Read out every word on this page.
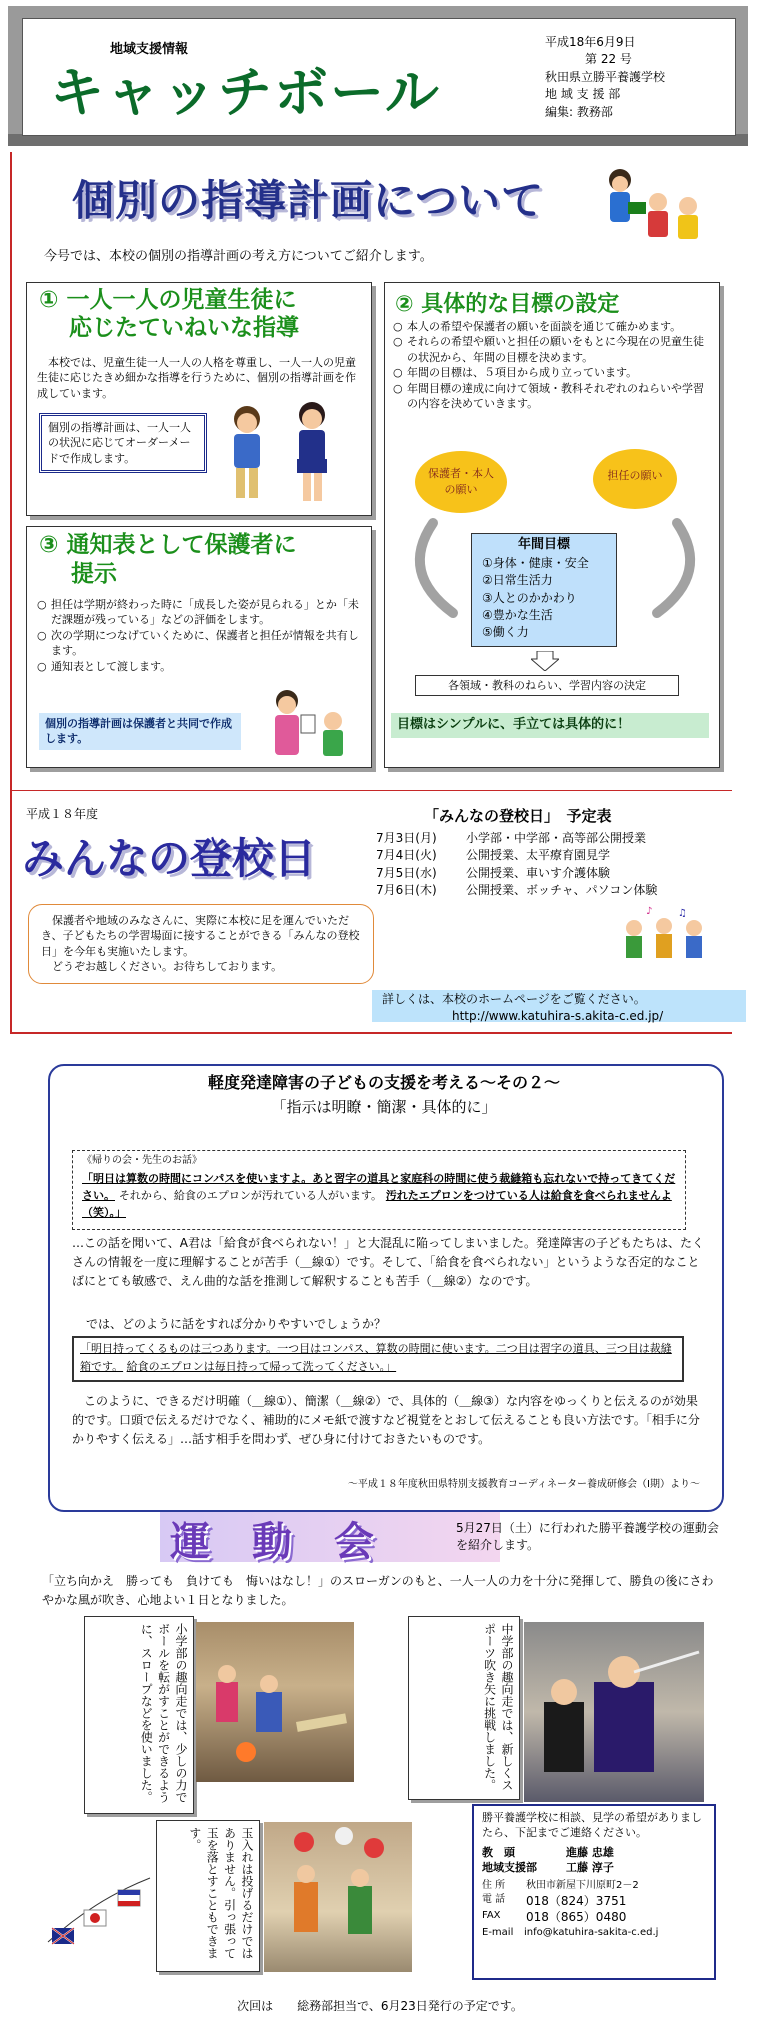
地域支援情報
キャッチボール
平成18年6月9日
第 22 号
秋田県立勝平養護学校
地 域 支 援 部
編集: 教務部
個別の指導計画について
今号では、本校の個別の指導計画の考え方についてご紹介します。
① 一人一人の児童生徒に
応じたていねいな指導
本校では、児童生徒一人一人の人格を尊重し、一人一人の児童生徒に応じたきめ細かな指導を行うために、個別の指導計画を作成しています。
個別の指導計画は、一人一人の状況に応じてオーダーメードで作成します。
③ 通知表として保護者に
提示
○ 担任は学期が終わった時に「成長した姿が見られる」とか「未だ課題が残っている」などの評価をします。
○ 次の学期につなげていくために、保護者と担任が情報を共有します。
○ 通知表として渡します。
個別の指導計画は保護者と共同で作成します。
② 具体的な目標の設定
○ 本人の希望や保護者の願いを面談を通じて確かめます。
○ それらの希望や願いと担任の願いをもとに今現在の児童生徒の状況から、年間の目標を決めます。
○ 年間の目標は、５項目から成り立っています。
○ 年間目標の達成に向けて領域・教科それぞれのねらいや学習の内容を決めていきます。
保護者・本人の願い
担任の願い
年間目標
①身体・健康・安全
②日常生活力
③人とのかかわり
④豊かな生活
⑤働く力
各領域・教科のねらい、学習内容の決定
目標はシンプルに、手立ては具体的に！
平成１８年度
みんなの登校日
「みんなの登校日」　予定表
7月3日(月)	小学部・中学部・高等部公開授業
7月4日(火)	公開授業、太平療育園見学
7月5日(水)	公開授業、車いす介護体験
7月6日(木)	公開授業、ボッチャ、パソコン体験
保護者や地域のみなさんに、実際に本校に足を運んでいただき、子どもたちの学習場面に接することができる「みんなの登校日」を今年も実施いたします。
どうぞお越しください。お待ちしております。
♪	♫
詳しくは、本校のホームページをご覧ください。
http://www.katuhira-s.akita-c.ed.jp/
軽度発達障害の子どもの支援を考える～その２～
「指示は明瞭・簡潔・具体的に」
《帰りの会・先生のお話》
「明日は算数の時間にコンパスを使いますよ。あと習字の道具と家庭科の時間に使う裁縫箱も忘れないで持ってきてください。 それから、給食のエプロンが汚れている人がいます。 汚れたエプロンをつけている人は給食を食べられませんよ（笑）。」
…この話を聞いて、A君は「給食が食べられない！」と大混乱に陥ってしまいました。発達障害の子どもたちは、たくさんの情報を一度に理解することが苦手（＿線①）です。そして、「給食を食べられない」というような否定的なことばにとても敏感で、えん曲的な話を推測して解釈することも苦手（＿線②）なのです。
では、どのように話をすれば分かりやすいでしょうか？
「明日持ってくるものは三つあります。一つ目はコンパス、算数の時間に使います。二つ目は習字の道具、三つ目は裁縫箱です。 給食のエプロンは毎日持って帰って洗ってください。」
このように、できるだけ明確（＿線①）、簡潔（＿線②）で、具体的（＿線③）な内容をゆっくりと伝えるのが効果的です。口頭で伝えるだけでなく、補助的にメモ紙で渡すなど視覚をとおして伝えることも良い方法です。「相手に分かりやすく伝える」…話す相手を問わず、ぜひ身に付けておきたいものです。
～平成１８年度秋田県特別支援教育コーディネーター養成研修会（Ⅰ期）より～
運 動 会	5月27日（土）に行われた勝平養護学校の運動会を紹介します。
「立ち向かえ　勝っても　負けても　悔いはなし！」のスローガンのもと、一人一人の力を十分に発揮して、勝負の後にさわやかな風が吹き、心地よい１日となりました。
小学部の趣向走では、少しの力でボールを転がすことができるように、スロープなどを使いました。	中学部の趣向走では、新しくスポーツ吹き矢に挑戦しました。
玉入れは投げるだけではありません。引っ張って玉を落とすこともできます。
勝平養護学校に相談、見学の希望がありましたら、下記までご連絡ください。
教　頭	進藤 忠雄
地域支援部	工藤 淳子
住 所	秋田市新屋下川原町2－2
電 話	018（824）3751
FAX	018（865）0480
E-mail	info@katuhira-sakita-c.ed.j
次回は　　総務部担当で、6月23日発行の予定です。
